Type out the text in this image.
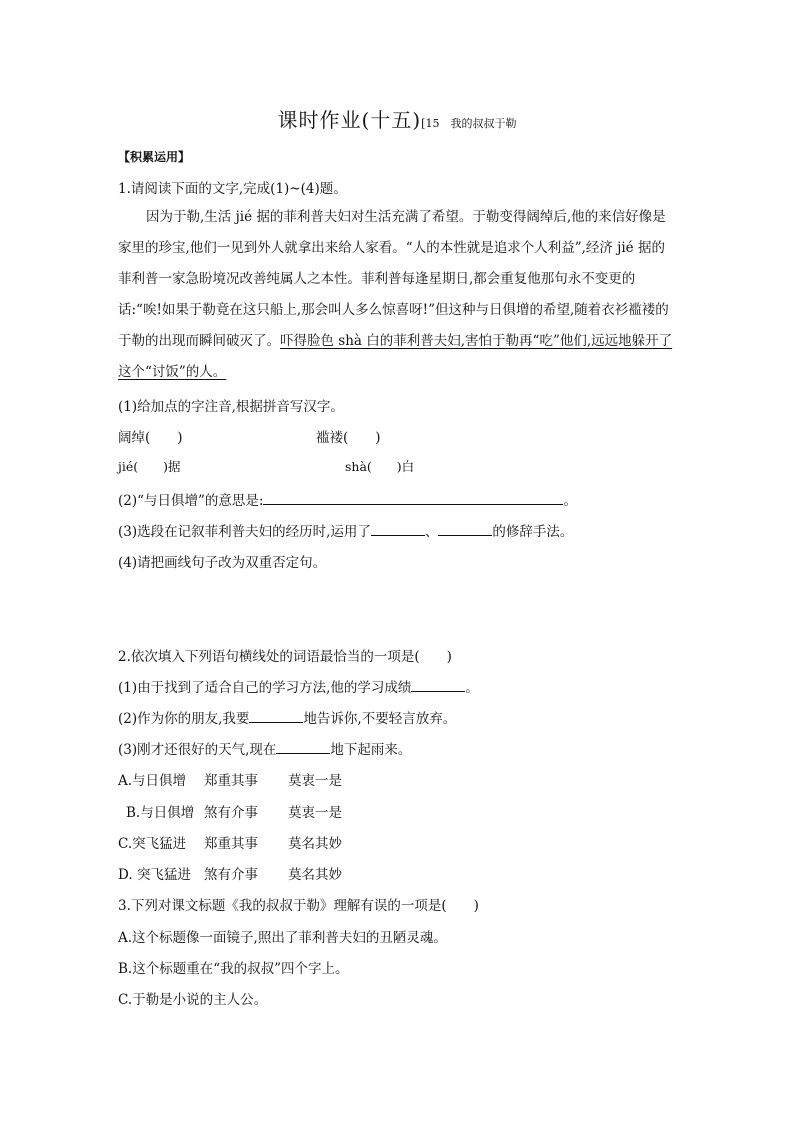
课时作业(十五)[15　我的叔叔于勒
【积累运用】
1.请阅读下面的文字,完成(1)~(4)题。
因为于勒,生活 jié 据的菲利普夫妇对生活充满了希望。于勒变得阔绰后,他的来信好像是家里的珍宝,他们一见到外人就拿出来给人家看。“人的本性就是追求个人利益”,经济 jié 据的菲利普一家急盼境况改善纯属人之本性。菲利普每逢星期日,都会重复他那句永不变更的话:“唉!如果于勒竟在这只船上,那会叫人多么惊喜呀!”但这种与日俱增的希望,随着衣衫褴褛的于勒的出现而瞬间破灭了。吓得脸色 shà 白的菲利普夫妇,害怕于勒再“吃”他们,远远地躲开了这个“讨饭”的人。
(1)给加点的字注音,根据拼音写汉字。
阔绰(　　)	褴褛(　　)
jié(　　)据	shà(　　)白
(2)“与日俱增”的意思是:	。
(3)选段在记叙菲利普夫妇的经历时,运用了	、	的修辞手法。
(4)请把画线句子改为双重否定句。
2.依次填入下列语句横线处的词语最恰当的一项是(　　)
(1)由于找到了适合自己的学习方法,他的学习成绩	。
(2)作为你的朋友,我要	地告诉你,不要轻言放弃。
(3)刚才还很好的天气,现在	地下起雨来。
A.与日俱增 郑重其事 莫衷一是
B.与日俱增 煞有介事 莫衷一是
C.突飞猛进 郑重其事 莫名其妙
D. 突飞猛进 煞有介事 莫名其妙
3.下列对课文标题《我的叔叔于勒》理解有误的一项是(　　)
A.这个标题像一面镜子,照出了菲利普夫妇的丑陋灵魂。
B.这个标题重在“我的叔叔”四个字上。
C.于勒是小说的主人公。
